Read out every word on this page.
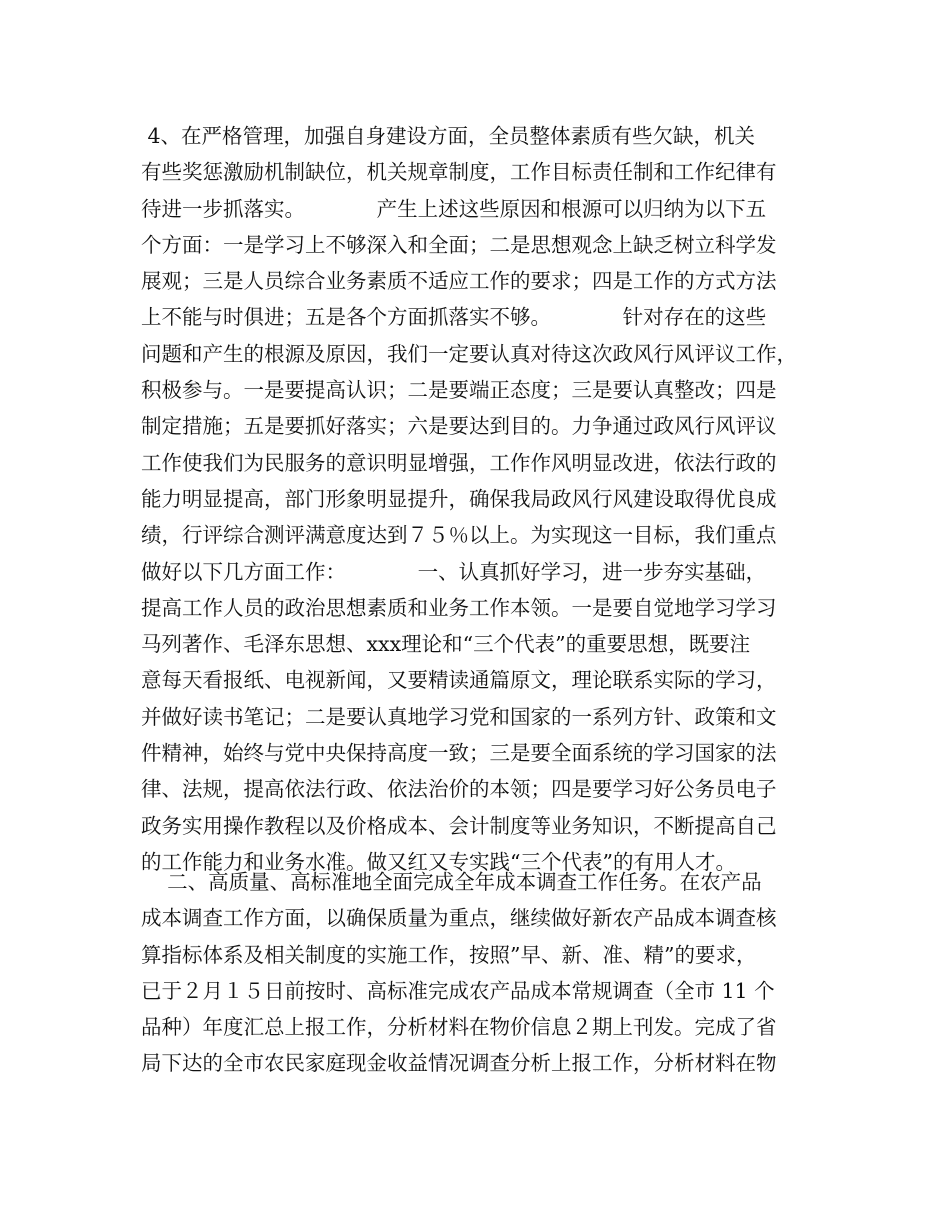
4、在严格管理，加强自身建设方面，全员整体素质有些欠缺，机关
有些奖惩激励机制缺位，机关规章制度，工作目标责任制和工作纪律有
待进一步抓落实。           产生上述这些原因和根源可以归纳为以下五
个方面：一是学习上不够深入和全面；二是思想观念上缺乏树立科学发
展观；三是人员综合业务素质不适应工作的要求；四是工作的方式方法
上不能与时俱进；五是各个方面抓落实不够。           针对存在的这些
问题和产生的根源及原因，我们一定要认真对待这次政风行风评议工作，
积极参与。一是要提高认识；二是要端正态度；三是要认真整改；四是
制定措施；五是要抓好落实；六是要达到目的。力争通过政风行风评议
工作使我们为民服务的意识明显增强，工作作风明显改进，依法行政的
能力明显提高，部门形象明显提升，确保我局政风行风建设取得优良成
绩，行评综合测评满意度达到７５％以上。为实现这一目标，我们重点
做好以下几方面工作：           一、认真抓好学习，进一步夯实基础，
提高工作人员的政治思想素质和业务工作本领。一是要自觉地学习学习
马列著作、毛泽东思想、xxx理论和“三个代表”的重要思想，既要注
意每天看报纸、电视新闻，又要精读通篇原文，理论联系实际的学习，
并做好读书笔记；二是要认真地学习党和国家的一系列方针、政策和文
件精神，始终与党中央保持高度一致；三是要全面系统的学习国家的法
律、法规，提高依法行政、依法治价的本领；四是要学习好公务员电子
政务实用操作教程以及价格成本、会计制度等业务知识，不断提高自己
的工作能力和业务水准。做又红又专实践“三个代表”的有用人才。
二、高质量、高标准地全面完成全年成本调查工作任务。在农产品
成本调查工作方面，以确保质量为重点，继续做好新农产品成本调查核
算指标体系及相关制度的实施工作，按照”早、新、准、精”的要求，
已于２月１５日前按时、高标准完成农产品成本常规调查（全市 11 个
品种）年度汇总上报工作，分析材料在物价信息２期上刊发。完成了省
局下达的全市农民家庭现金收益情况调查分析上报工作，分析材料在物
